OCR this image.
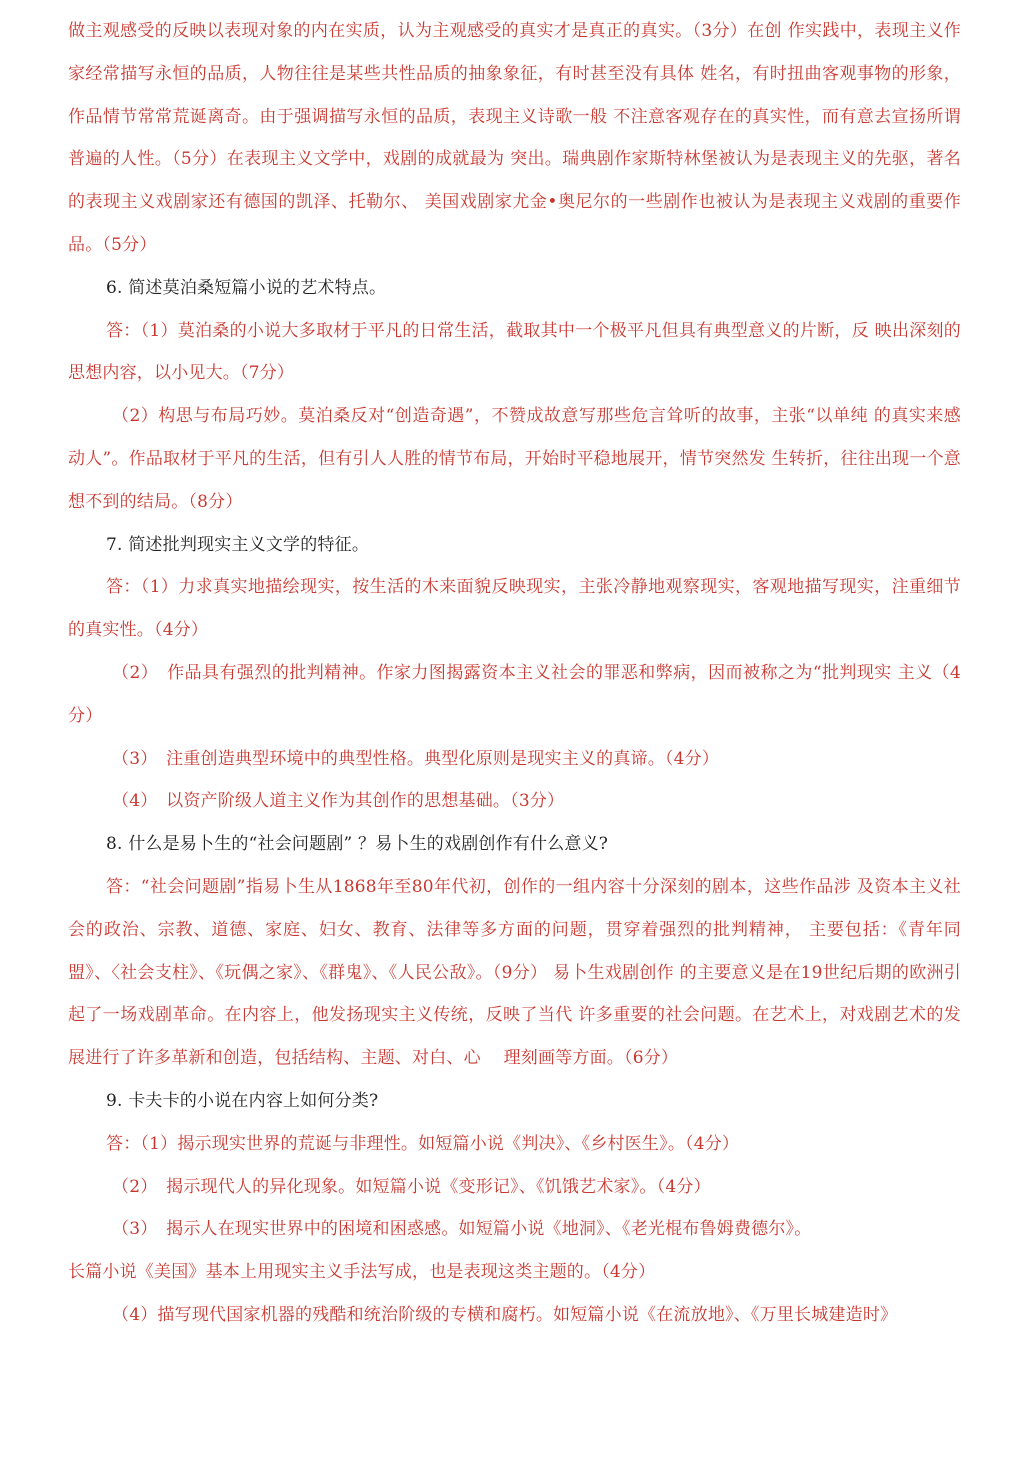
做主观感受的反映以表现对象的内在实质，认为主观感受的真实才是真正的真实。（3分）在创 作实践中，表现主义作家经常描写永恒的品质，人物往往是某些共性品质的抽象象征，有时甚至没有具体 姓名，有时扭曲客观事物的形象，作品情节常常荒诞离奇。由于强调描写永恒的品质，表现主义诗歌一般 不注意客观存在的真实性，而有意去宣扬所谓普遍的人性。（5分）在表现主义文学中，戏剧的成就最为 突出。瑞典剧作家斯特林堡被认为是表现主义的先驱，著名的表现主义戏剧家还有德国的凯泽、托勒尔、 美国戏剧家尤金•奥尼尔的一些剧作也被认为是表现主义戏剧的重要作品。（5分）

6. 简述莫泊桑短篇小说的艺术特点。

答：（1）莫泊桑的小说大多取材于平凡的日常生活，截取其中一个极平凡但具有典型意义的片断，反 映出深刻的思想内容，以小见大。（7分）

（2）构思与布局巧妙。莫泊桑反对“创造奇遇”，不赞成故意写那些危言耸听的故事，主张“以单纯 的真实来感动人”。作品取材于平凡的生活，但有引人人胜的情节布局，开始时平稳地展开，情节突然发 生转折，往往出现一个意想不到的结局。（8分）

7. 简述批判现实主义文学的特征。

答：（1）力求真实地描绘现实，按生活的木来面貌反映现实，主张冷静地观察现实，客观地描写现实，注重细节的真实性。（4分）

（2）　作品具有强烈的批判精神。作家力图揭露资本主义社会的罪恶和弊病，因而被称之为“批判现实 主义（4分）

（3）　注重创造典型环境中的典型性格。典型化原则是现实主义的真谛。（4分）

（4）　以资产阶级人道主义作为其创作的思想基础。（3分）

8. 什么是易卜生的“社会问题剧” ？易卜生的戏剧创作有什么意义?

答：“社会问题剧”指易卜生从1868年至80年代初，创作的一组内容十分深刻的剧本，这些作品涉 及资本主义社会的政治、宗教、道德、家庭、妇女、教育、法律等多方面的问题，贯穿着强烈的批判精神， 主要包括：《青年同盟》、〈社会支柱》、《玩偶之家》、《群鬼》、《人民公敌》。（9分） 易卜生戏剧创作 的主要意义是在19世纪后期的欧洲引起了一场戏剧革命。在内容上，他发扬现实主义传统，反映了当代 许多重要的社会问题。在艺术上，对戏剧艺术的发展进行了许多革新和创造，包括结构、主题、对白、心 　理刻画等方面。（6分）

9. 卡夫卡的小说在内容上如何分类?

答：（1）揭示现实世界的荒诞与非理性。如短篇小说《判决》、《乡村医生》。（4分）

（2）　揭示现代人的异化现象。如短篇小说《变形记》、《饥饿艺术家》。（4分）

（3）　揭示人在现实世界中的困境和困惑感。如短篇小说《地洞》、《老光棍布鲁姆费德尔》。

长篇小说《美国》基本上用现实主义手法写成，也是表现这类主题的。（4分）

（4）描写现代国家机器的残酷和统治阶级的专横和腐朽。如短篇小说《在流放地》、《万里长城建造时》
